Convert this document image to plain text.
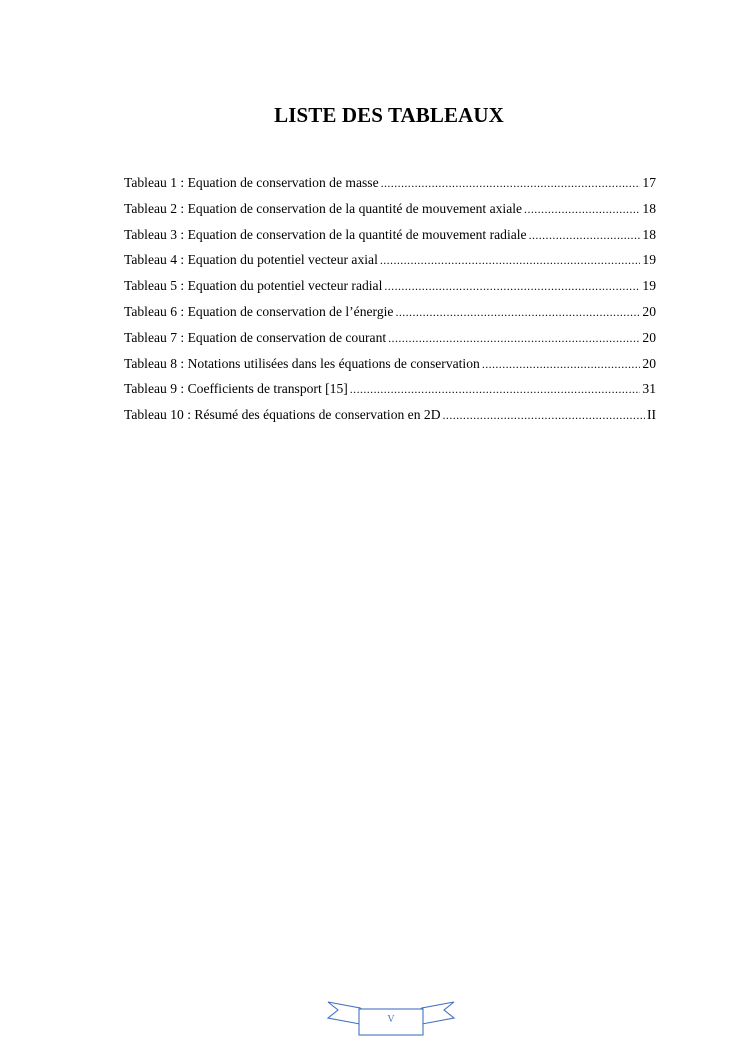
LISTE DES TABLEAUX
Tableau 1 : Equation de conservation de masse .....	17
Tableau 2 : Equation de conservation de la quantité de mouvement axiale .....	18
Tableau 3 : Equation de conservation de la quantité de mouvement radiale .....	18
Tableau 4 : Equation du potentiel vecteur axial .....	19
Tableau 5 : Equation du potentiel vecteur radial .....	19
Tableau 6 : Equation de conservation de l’énergie .....	20
Tableau 7 : Equation de conservation de courant .....	20
Tableau 8 : Notations utilisées dans les équations de conservation .....	20
Tableau 9 : Coefficients de transport [15] .....	31
Tableau 10 : Résumé des équations de conservation en 2D .....	II
V
